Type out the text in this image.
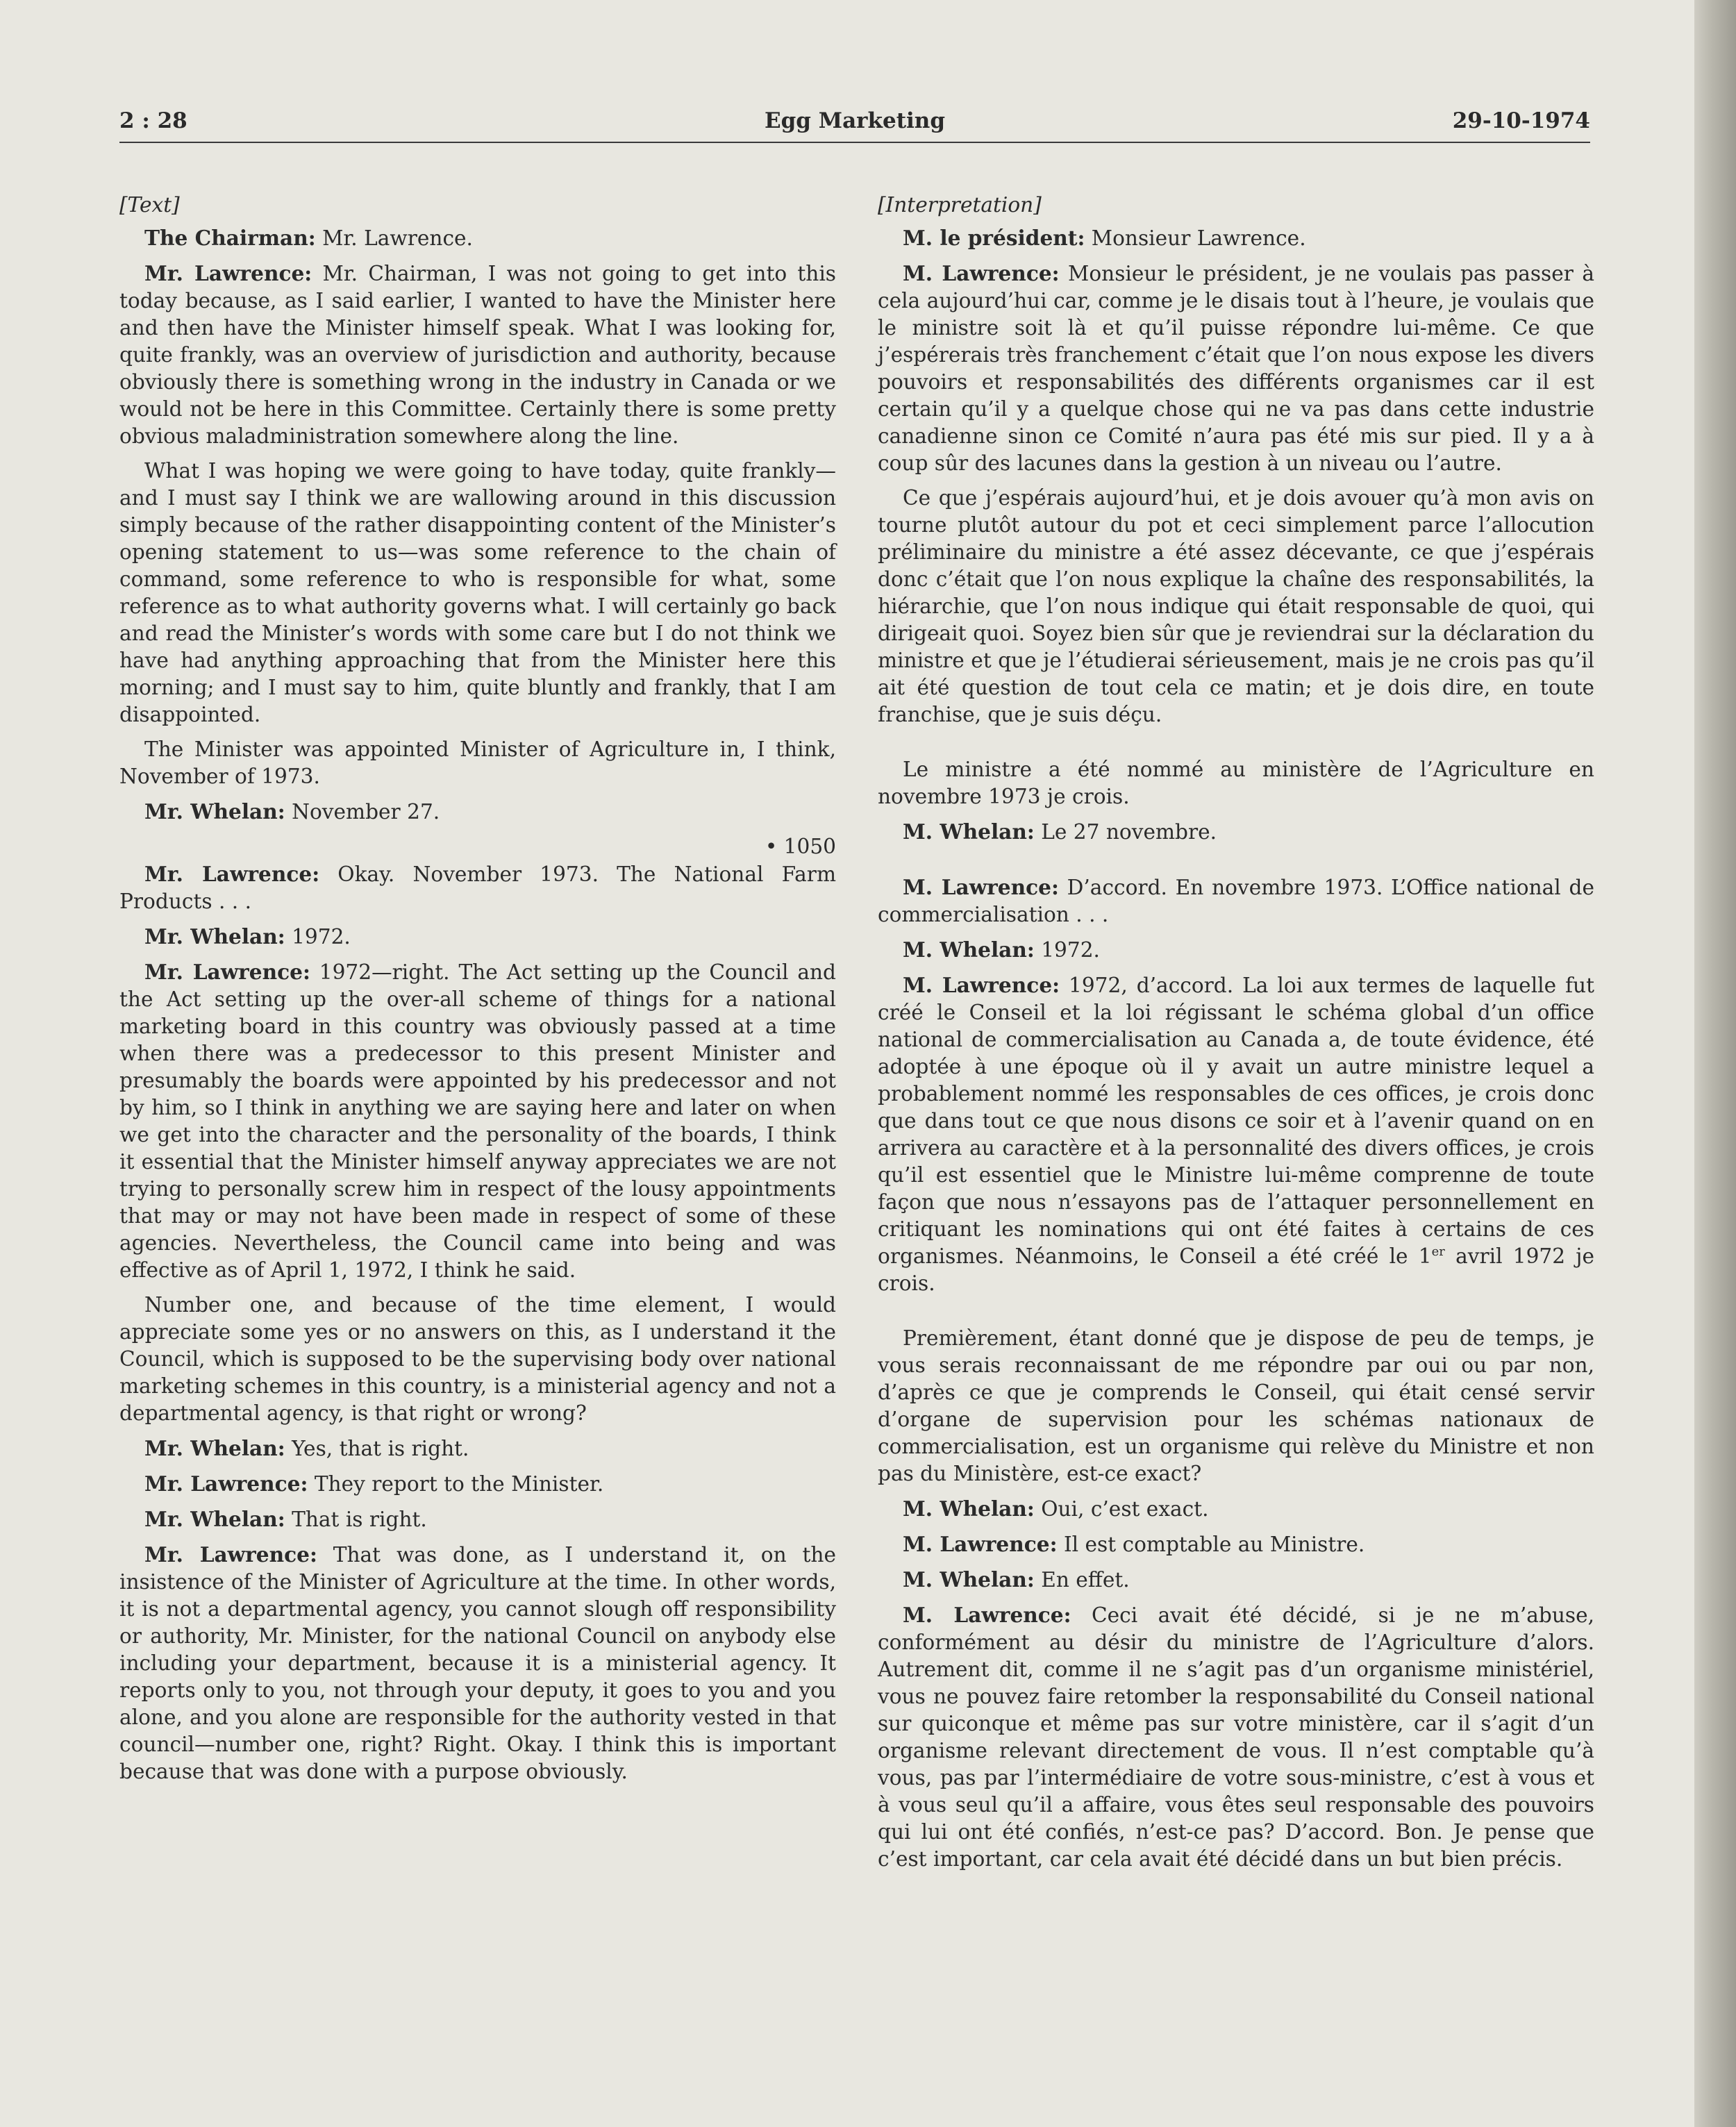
2 : 28	Egg Marketing	29-10-1974

[Text]

The Chairman: Mr. Lawrence.

Mr. Lawrence: Mr. Chairman, I was not going to get into this today because, as I said earlier, I wanted to have the Minister here and then have the Minister himself speak. What I was looking for, quite frankly, was an overview of jurisdiction and authority, because obviously there is something wrong in the industry in Canada or we would not be here in this Committee. Certainly there is some pretty obvious maladministration somewhere along the line.

What I was hoping we were going to have today, quite frankly—and I must say I think we are wallowing around in this discussion simply because of the rather disappointing content of the Minister’s opening statement to us—was some reference to the chain of command, some reference to who is responsible for what, some reference as to what authority governs what. I will certainly go back and read the Minister’s words with some care but I do not think we have had anything approaching that from the Minister here this morning; and I must say to him, quite bluntly and frankly, that I am disappointed.

The Minister was appointed Minister of Agriculture in, I think, November of 1973.

Mr. Whelan: November 27.

• 1050

Mr. Lawrence: Okay. November 1973. The National Farm Products . . .

Mr. Whelan: 1972.

Mr. Lawrence: 1972—right. The Act setting up the Council and the Act setting up the over-all scheme of things for a national marketing board in this country was obviously passed at a time when there was a predecessor to this present Minister and presumably the boards were appointed by his predecessor and not by him, so I think in anything we are saying here and later on when we get into the character and the personality of the boards, I think it essential that the Minister himself anyway appreciates we are not trying to personally screw him in respect of the lousy appointments that may or may not have been made in respect of some of these agencies. Nevertheless, the Council came into being and was effective as of April 1, 1972, I think he said.

Number one, and because of the time element, I would appreciate some yes or no answers on this, as I understand it the Council, which is supposed to be the supervising body over national marketing schemes in this country, is a ministerial agency and not a departmental agency, is that right or wrong?

Mr. Whelan: Yes, that is right.

Mr. Lawrence: They report to the Minister.

Mr. Whelan: That is right.

Mr. Lawrence: That was done, as I understand it, on the insistence of the Minister of Agriculture at the time. In other words, it is not a departmental agency, you cannot slough off responsibility or authority, Mr. Minister, for the national Council on anybody else including your department, because it is a ministerial agency. It reports only to you, not through your deputy, it goes to you and you alone, and you alone are responsible for the authority vested in that council—number one, right? Right. Okay. I think this is important because that was done with a purpose obviously.

[Interpretation]

M. le président: Monsieur Lawrence.

M. Lawrence: Monsieur le président, je ne voulais pas passer à cela aujourd’hui car, comme je le disais tout à l’heure, je voulais que le ministre soit là et qu’il puisse répondre lui-même. Ce que j’espérerais très franchement c’était que l’on nous expose les divers pouvoirs et responsabilités des différents organismes car il est certain qu’il y a quelque chose qui ne va pas dans cette industrie canadienne sinon ce Comité n’aura pas été mis sur pied. Il y a à coup sûr des lacunes dans la gestion à un niveau ou l’autre.

Ce que j’espérais aujourd’hui, et je dois avouer qu’à mon avis on tourne plutôt autour du pot et ceci simplement parce l’allocution préliminaire du ministre a été assez décevante, ce que j’espérais donc c’était que l’on nous explique la chaîne des responsabilités, la hiérarchie, que l’on nous indique qui était responsable de quoi, qui dirigeait quoi. Soyez bien sûr que je reviendrai sur la déclaration du ministre et que je l’étudierai sérieusement, mais je ne crois pas qu’il ait été question de tout cela ce matin; et je dois dire, en toute franchise, que je suis déçu.

Le ministre a été nommé au ministère de l’Agriculture en novembre 1973 je crois.

M. Whelan: Le 27 novembre.

M. Lawrence: D’accord. En novembre 1973. L’Office national de commercialisation . . .

M. Whelan: 1972.

M. Lawrence: 1972, d’accord. La loi aux termes de laquelle fut créé le Conseil et la loi régissant le schéma global d’un office national de commercialisation au Canada a, de toute évidence, été adoptée à une époque où il y avait un autre ministre lequel a probablement nommé les responsables de ces offices, je crois donc que dans tout ce que nous disons ce soir et à l’avenir quand on en arrivera au caractère et à la personnalité des divers offices, je crois qu’il est essentiel que le Ministre lui-même comprenne de toute façon que nous n’essayons pas de l’attaquer personnellement en critiquant les nominations qui ont été faites à certains de ces organismes. Néanmoins, le Conseil a été créé le 1er avril 1972 je crois.

Premièrement, étant donné que je dispose de peu de temps, je vous serais reconnaissant de me répondre par oui ou par non, d’après ce que je comprends le Conseil, qui était censé servir d’organe de supervision pour les schémas nationaux de commercialisation, est un organisme qui relève du Ministre et non pas du Ministère, est-ce exact?

M. Whelan: Oui, c’est exact.

M. Lawrence: Il est comptable au Ministre.

M. Whelan: En effet.

M. Lawrence: Ceci avait été décidé, si je ne m’abuse, conformément au désir du ministre de l’Agriculture d’alors. Autrement dit, comme il ne s’agit pas d’un organisme ministériel, vous ne pouvez faire retomber la responsabilité du Conseil national sur quiconque et même pas sur votre ministère, car il s’agit d’un organisme relevant directement de vous. Il n’est comptable qu’à vous, pas par l’intermédiaire de votre sous-ministre, c’est à vous et à vous seul qu’il a affaire, vous êtes seul responsable des pouvoirs qui lui ont été confiés, n’est-ce pas? D’accord. Bon. Je pense que c’est important, car cela avait été décidé dans un but bien précis.
